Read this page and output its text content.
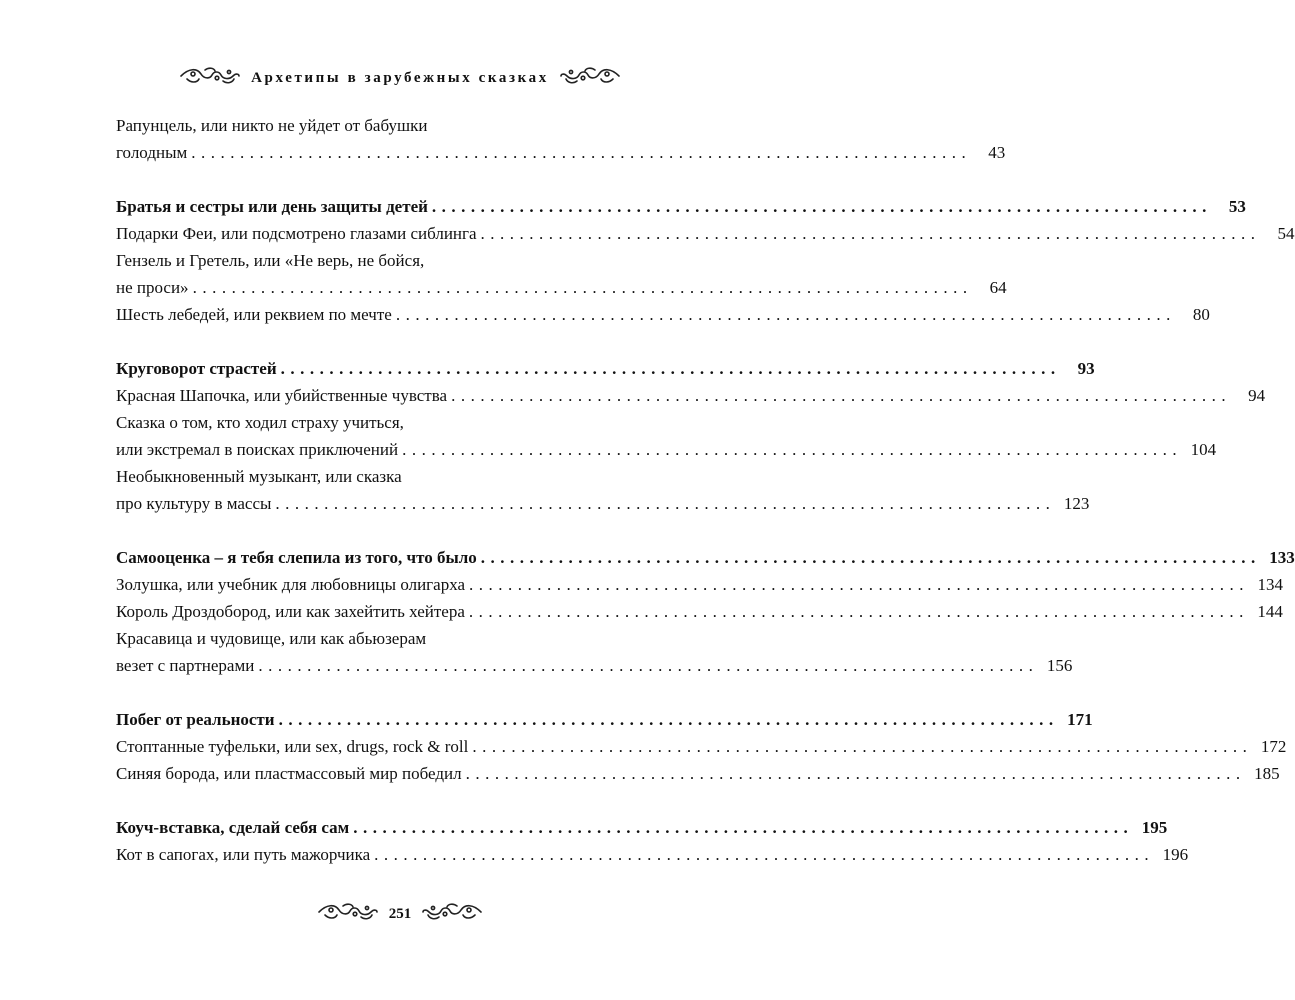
Архетипы в зарубежных сказках
Рапунцель, или никто не уйдет от бабушки
голодным ................................................................................	43
Братья и сестры или день защиты детей ................................................................................	53
Подарки Феи, или подсмотрено глазами сиблинга ................................................................................	54
Гензель и Гретель, или «Не верь, не бойся,
не проси» ................................................................................	64
Шесть лебедей, или реквием по мечте ................................................................................	80
Круговорот страстей ................................................................................	93
Красная Шапочка, или убийственные чувства ................................................................................	94
Сказка о том, кто ходил страху учиться,
или экстремал в поисках приключений ................................................................................ 104
Необыкновенный музыкант, или сказка
про культуру в массы ................................................................................ 123
Самооценка – я тебя слепила из того, что было ................................................................................ 133
Золушка, или учебник для любовницы олигарха ................................................................................ 134
Король Дроздобород, или как захейтить хейтера ................................................................................ 144
Красавица и чудовище, или как абьюзерам
везет с партнерами ................................................................................ 156
Побег от реальности ................................................................................ 171
Стоптанные туфельки, или sex, drugs, rock & roll ................................................................................ 172
Синяя борода, или пластмассовый мир победил ................................................................................ 185
Коуч-вставка, сделай себя сам ................................................................................ 195
Кот в сапогах, или путь мажорчика ................................................................................ 196
251
